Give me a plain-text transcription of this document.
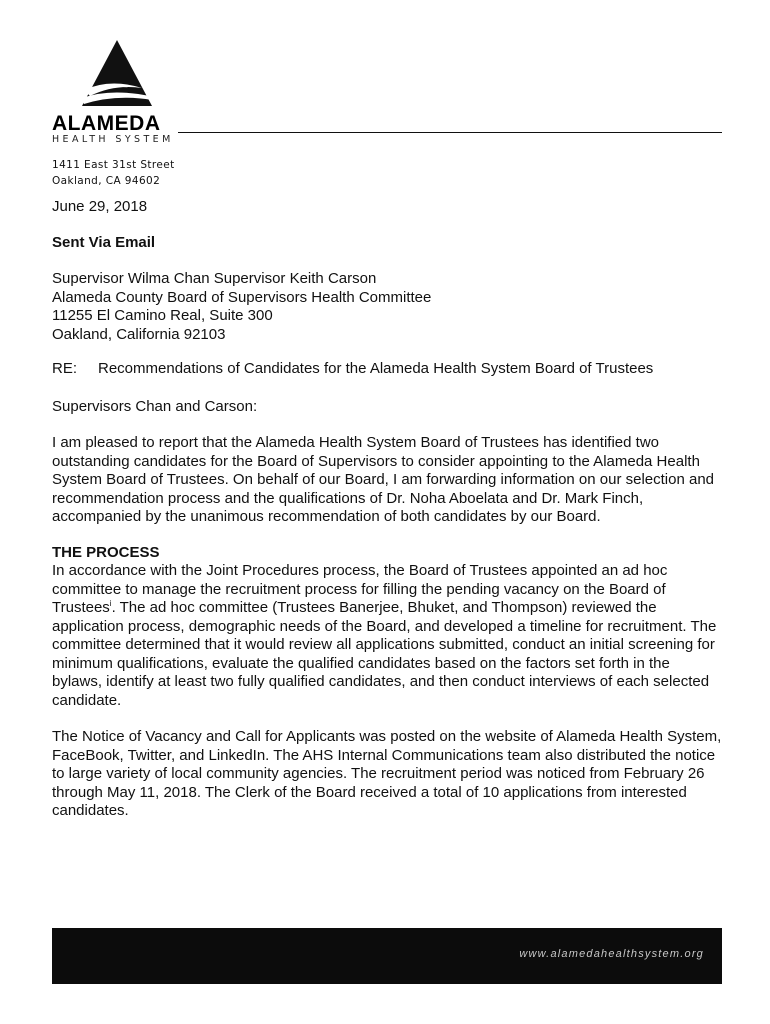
ALAMEDA
HEALTH SYSTEM
1411 East 31st Street
Oakland, CA 94602
June 29, 2018
Sent Via Email
Supervisor Wilma Chan Supervisor Keith Carson
Alameda County Board of Supervisors Health Committee
11255 El Camino Real, Suite 300
Oakland, California 92103
RE: Recommendations of Candidates for the Alameda Health System Board of Trustees
Supervisors Chan and Carson:
I am pleased to report that the Alameda Health System Board of Trustees has identified two outstanding candidates for the Board of Supervisors to consider appointing to the Alameda Health System Board of Trustees. On behalf of our Board, I am forwarding information on our selection and recommendation process and the qualifications of Dr. Noha Aboelata and Dr. Mark Finch, accompanied by the unanimous recommendation of both candidates by our Board.
THE PROCESS
In accordance with the Joint Procedures process, the Board of Trustees appointed an ad hoc committee to manage the recruitment process for filling the pending vacancy on the Board of Trustees$^i$. The ad hoc committee (Trustees Banerjee, Bhuket, and Thompson) reviewed the application process, demographic needs of the Board, and developed a timeline for recruitment. The committee determined that it would review all applications submitted, conduct an initial screening for minimum qualifications, evaluate the qualified candidates based on the factors set forth in the bylaws, identify at least two fully qualified candidates, and then conduct interviews of each selected candidate.
The Notice of Vacancy and Call for Applicants was posted on the website of Alameda Health System, FaceBook, Twitter, and LinkedIn. The AHS Internal Communications team also distributed the notice to large variety of local community agencies. The recruitment period was noticed from February 26 through May 11, 2018. The Clerk of the Board received a total of 10 applications from interested candidates.
www.alamedahealthsystem.org
